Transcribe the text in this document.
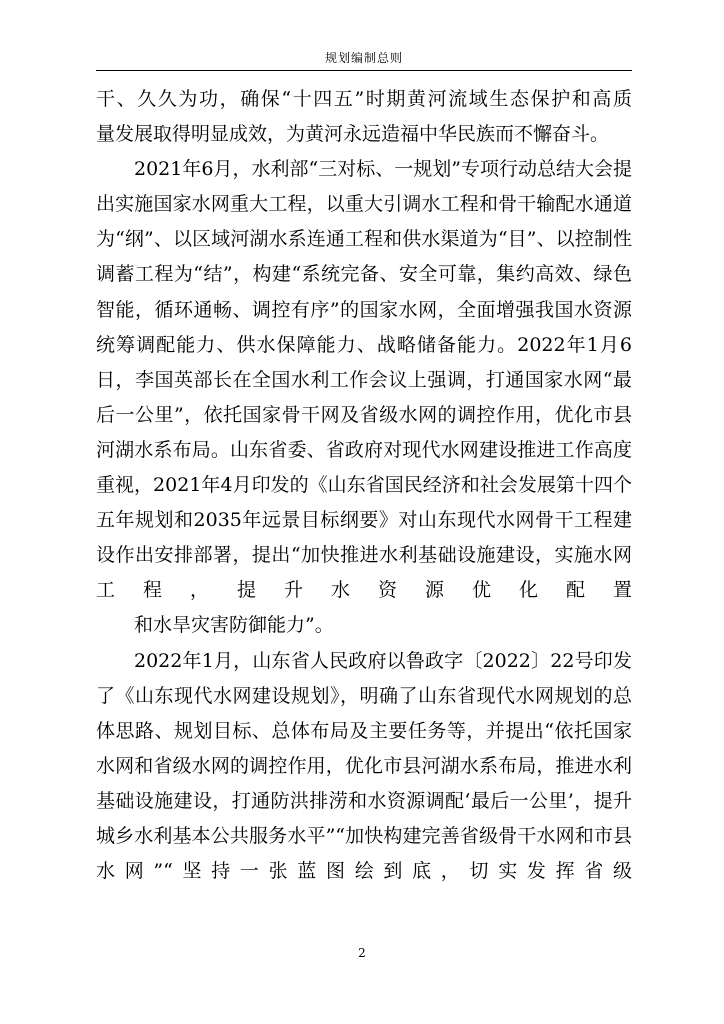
规划编制总则

干、久久为功，确保“十四五”时期黄河流域生态保护和高质
量发展取得明显成效，为黄河永远造福中华民族而不懈奋斗。

2021年6月，水利部“三对标、一规划”专项行动总结大会提出实施国家水网重大工程，以重大引调水工程和骨干输配水通道为“纲”、以区域河湖水系连通工程和供水渠道为“目”、以控制性调蓄工程为“结”，构建“系统完备、安全可靠，集约高效、绿色智能，循环通畅、调控有序”的国家水网，全面增强我国水资源统筹调配能力、供水保障能力、战略储备能力。2022年1月6日，李国英部长在全国水利工作会议上强调，打通国家水网“最后一公里”，依托国家骨干网及省级水网的调控作用，优化市县河湖水系布局。山东省委、省政府对现代水网建设推进工作高度重视，2021年4月印发的《山东省国民经济和社会发展第十四个五年规划和2035年远景目标纲要》对山东现代水网骨干工程建设作出安排部署，提出“加快推进水利基础设施建设，实施水网工程，提升水资源优化配置
和水旱灾害防御能力”。

2022年1月，山东省人民政府以鲁政字〔2022〕22号印发了《山东现代水网建设规划》，明确了山东省现代水网规划的总体思路、规划目标、总体布局及主要任务等，并提出“依托国家水网和省级水网的调控作用，优化市县河湖水系布局，推进水利基础设施建设，打通防洪排涝和水资源调配‘最后一公里’，提升城乡水利基本公共服务水平”“加快构建完善省级骨干水网和市县水网”“坚持一张蓝图绘到底，切实发挥省级

2
